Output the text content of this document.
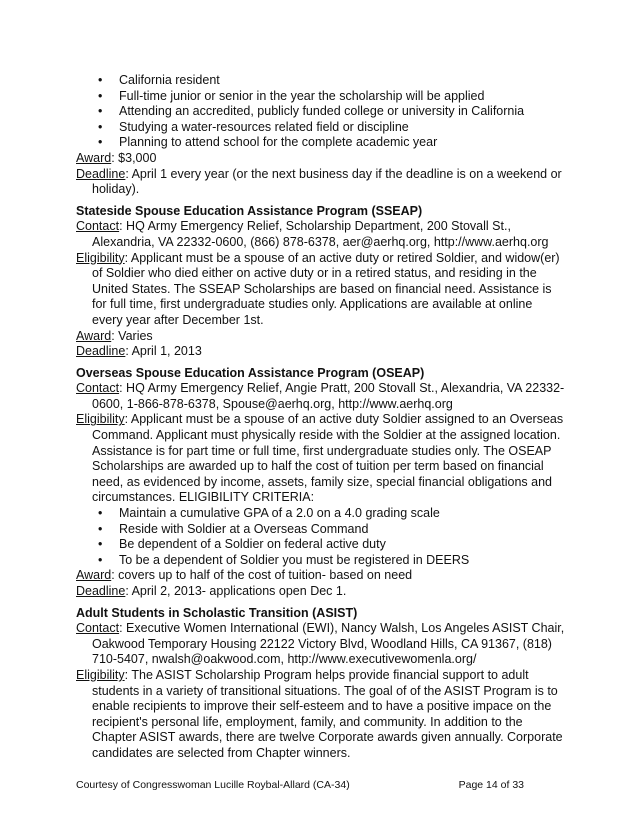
• California resident
• Full-time junior or senior in the year the scholarship will be applied
• Attending an accredited, publicly funded college or university in California
• Studying a water-resources related field or discipline
• Planning to attend school for the complete academic year
Award: $3,000
Deadline: April 1 every year (or the next business day if the deadline is on a weekend or holiday).
Stateside Spouse Education Assistance Program (SSEAP)
Contact: HQ Army Emergency Relief, Scholarship Department, 200 Stovall St., Alexandria, VA 22332-0600, (866) 878-6378, aer@aerhq.org, http://www.aerhq.org
Eligibility: Applicant must be a spouse of an active duty or retired Soldier, and widow(er) of Soldier who died either on active duty or in a retired status, and residing in the United States. The SSEAP Scholarships are based on financial need. Assistance is for full time, first undergraduate studies only. Applications are available at online every year after December 1st.
Award: Varies
Deadline: April 1, 2013
Overseas Spouse Education Assistance Program (OSEAP)
Contact: HQ Army Emergency Relief, Angie Pratt, 200 Stovall St., Alexandria, VA 22332-0600, 1-866-878-6378, Spouse@aerhq.org, http://www.aerhq.org
Eligibility: Applicant must be a spouse of an active duty Soldier assigned to an Overseas Command. Applicant must physically reside with the Soldier at the assigned location. Assistance is for part time or full time, first undergraduate studies only. The OSEAP Scholarships are awarded up to half the cost of tuition per term based on financial need, as evidenced by income, assets, family size, special financial obligations and circumstances. ELIGIBILITY CRITERIA:
• Maintain a cumulative GPA of a 2.0 on a 4.0 grading scale
• Reside with Soldier at a Overseas Command
• Be dependent of a Soldier on federal active duty
• To be a dependent of Soldier you must be registered in DEERS
Award: covers up to half of the cost of tuition- based on need
Deadline: April 2, 2013- applications open Dec 1.
Adult Students in Scholastic Transition (ASIST)
Contact: Executive Women International (EWI), Nancy Walsh, Los Angeles ASIST Chair, Oakwood Temporary Housing 22122 Victory Blvd, Woodland Hills, CA 91367, (818) 710-5407, nwalsh@oakwood.com, http://www.executivewomenla.org/
Eligibility: The ASIST Scholarship Program helps provide financial support to adult students in a variety of transitional situations. The goal of of the ASIST Program is to enable recipients to improve their self-esteem and to have a positive impace on the recipient's personal life, employment, family, and community. In addition to the Chapter ASIST awards, there are twelve Corporate awards given annually. Corporate candidates are selected from Chapter winners.
Courtesy of Congresswoman Lucille Roybal-Allard (CA-34)	Page 14 of 33
